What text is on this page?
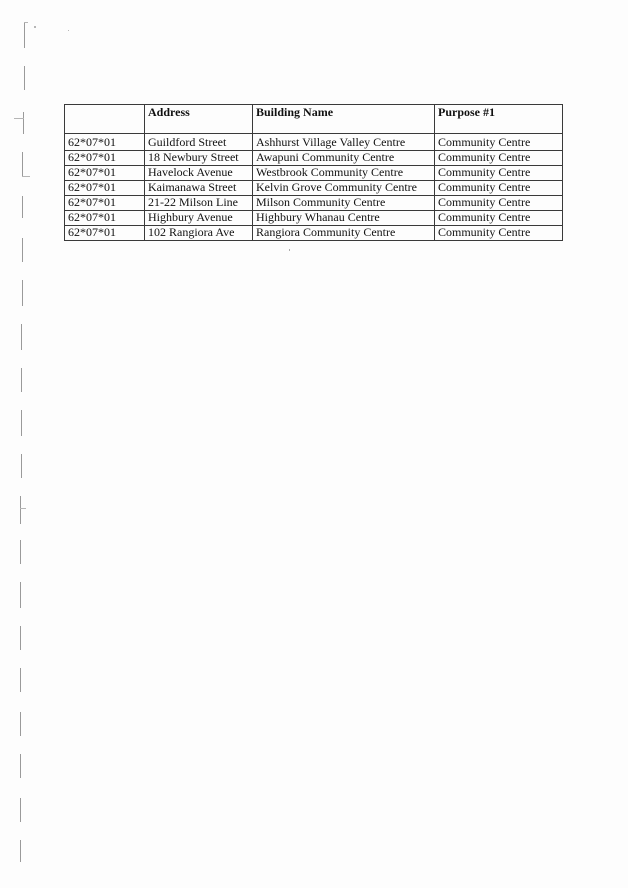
	Address	Building Name	Purpose #1
62*07*01	Guildford Street	Ashhurst Village Valley Centre	Community Centre
62*07*01	18 Newbury Street	Awapuni Community Centre	Community Centre
62*07*01	Havelock Avenue	Westbrook Community Centre	Community Centre
62*07*01	Kaimanawa Street	Kelvin Grove Community Centre	Community Centre
62*07*01	21-22 Milson Line	Milson Community Centre	Community Centre
62*07*01	Highbury Avenue	Highbury Whanau Centre	Community Centre
62*07*01	102 Rangiora Ave	Rangiora Community Centre	Community Centre
